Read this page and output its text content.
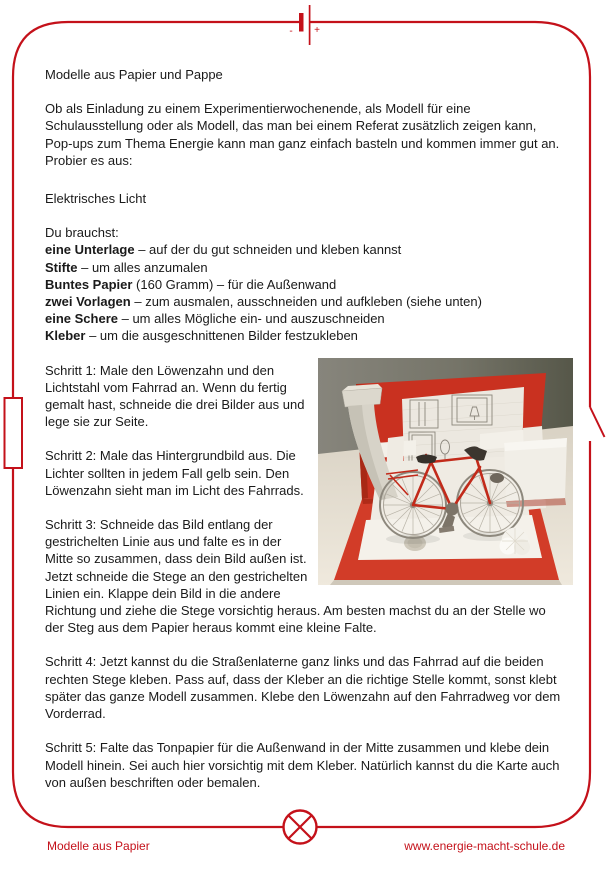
- +

Modelle aus Papier und Pappe

Ob als Einladung zu einem Experimentierwochenende, als Modell für eine Schulausstellung oder als Modell, das man bei einem Referat zusätzlich zeigen kann, Pop-ups zum Thema Energie kann man ganz einfach basteln und kommen immer gut an.

Probier es aus:

Elektrisches Licht

Du brauchst:

eine Unterlage – auf der du gut schneiden und kleben kannst
Stifte – um alles anzumalen
Buntes Papier (160 Gramm) – für die Außenwand
zwei Vorlagen – zum ausmalen, ausschneiden und aufkleben (siehe unten)
eine Schere – um alles Mögliche ein- und auszuschneiden
Kleber – um die ausgeschnittenen Bilder festzukleben

Schritt 1: Male den Löwenzahn und den Lichtstahl vom Fahrrad an. Wenn du fertig gemalt hast, schneide die drei Bilder aus und lege sie zur Seite.

Schritt 2: Male das Hintergrundbild aus. Die Lichter sollten in jedem Fall gelb sein. Den Löwenzahn sieht man im Licht des Fahrrads.

Schritt 3: Schneide das Bild entlang der gestrichelten Linie aus und falte es in der Mitte so zusammen, dass dein Bild außen ist. Jetzt schneide die Stege an den gestrichelten Linien ein. Klappe dein Bild in die andere Richtung und ziehe die Stege vorsichtig heraus. Am besten machst du an der Stelle wo der Steg aus dem Papier heraus kommt eine kleine Falte.

Schritt 4: Jetzt kannst du die Straßenlaterne ganz links und das Fahrrad auf die beiden rechten Stege kleben. Pass auf, dass der Kleber an die richtige Stelle kommt, sonst klebt später das ganze Modell zusammen. Klebe den Löwenzahn auf den Fahrradweg vor dem Vorderrad.

Schritt 5: Falte das Tonpapier für die Außenwand in der Mitte zusammen und klebe dein Modell hinein. Sei auch hier vorsichtig mit dem Kleber. Natürlich kannst du die Karte auch von außen beschriften oder bemalen.

Modelle aus Papier	www.energie-macht-schule.de
